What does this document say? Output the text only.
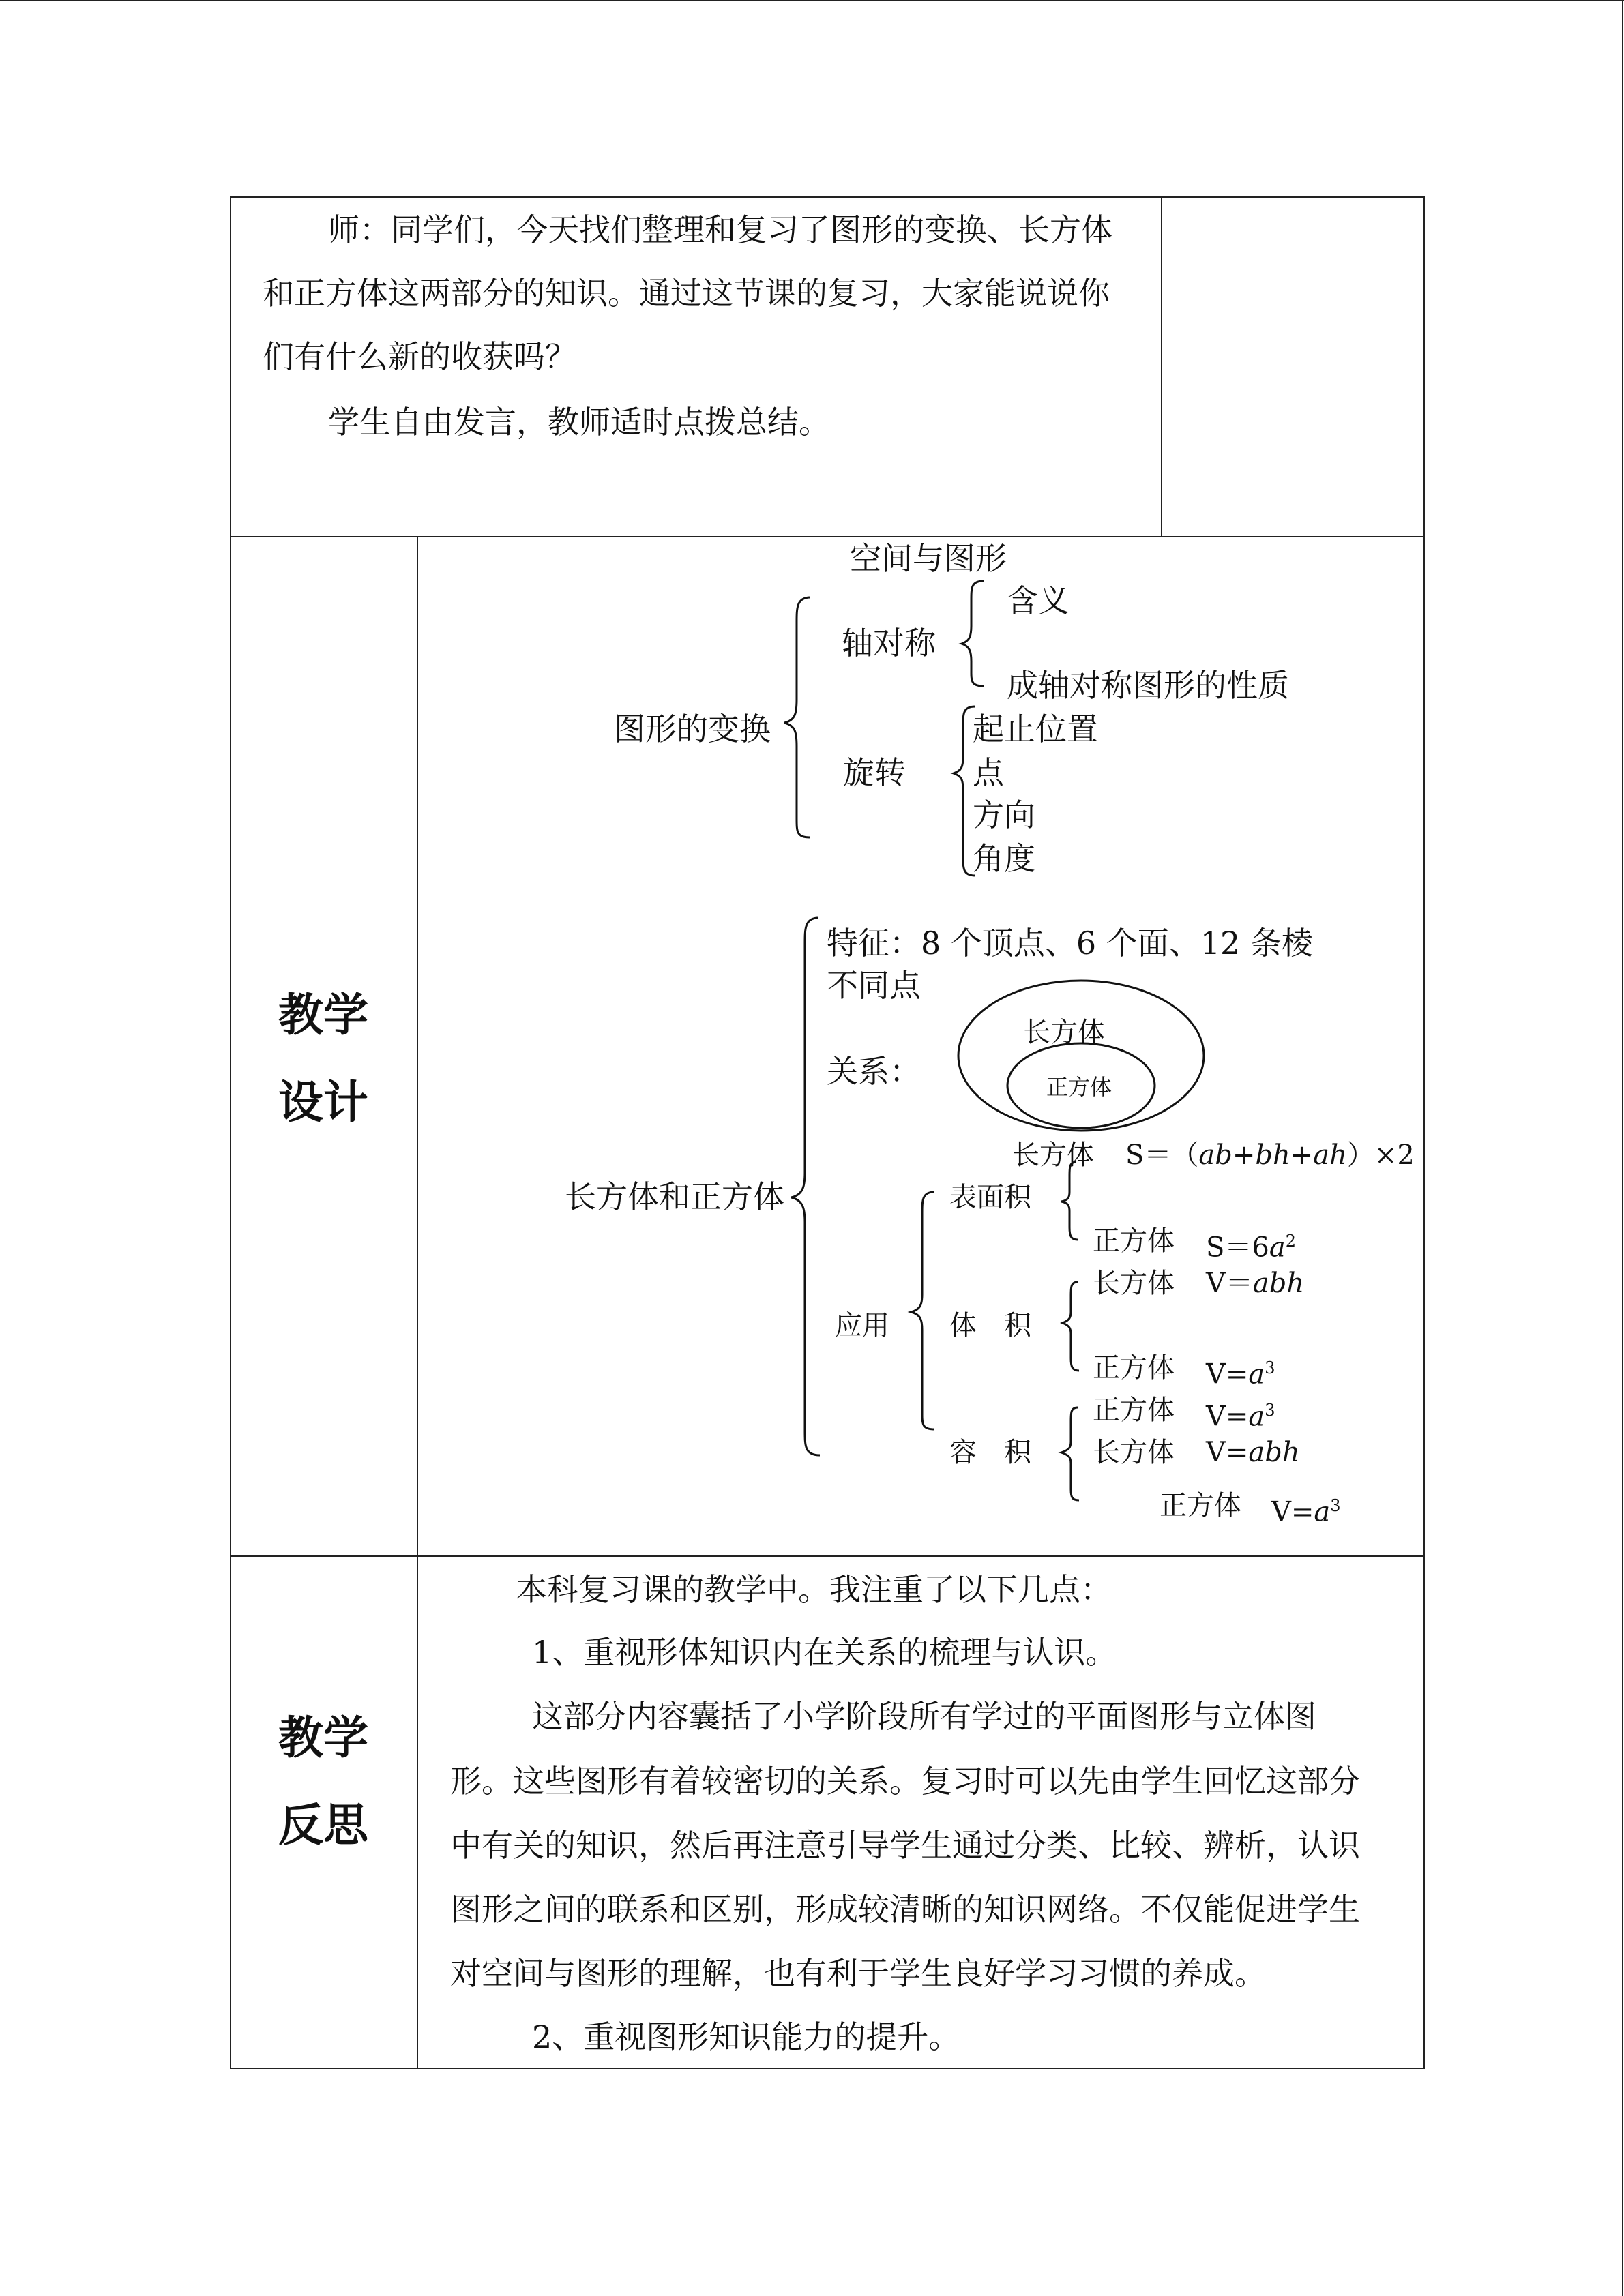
师：同学们，今天找们整理和复习了图形的变换、长方体
和正方体这两部分的知识。通过这节课的复习，大家能说说你
们有什么新的收获吗？
学生自由发言，教师适时点拨总结。
教学
设计
空间与图形
图形的变换
轴对称
含义
成轴对称图形的性质
旋转
起止位置
点
方向
角度
长方体和正方体
特征：8 个顶点、6 个面、12 条棱
不同点
关系：
长方体
正方体
应用
表面积
体　积
容　积
长方体 S＝（ab+bh+ah）×2
正方体 $S=6a^2$
长方体 V＝abh
正方体 $V=a^3$
正方体 $V=a^3$
长方体 V=abh
正方体 $V=a^3$
教学
反思
本科复习课的教学中。我注重了以下几点：
1、重视形体知识内在关系的梳理与认识。
这部分内容囊括了小学阶段所有学过的平面图形与立体图
形。这些图形有着较密切的关系。复习时可以先由学生回忆这部分
中有关的知识，然后再注意引导学生通过分类、比较、辨析，认识
图形之间的联系和区别，形成较清晰的知识网络。不仅能促进学生
对空间与图形的理解，也有利于学生良好学习习惯的养成。
2、重视图形知识能力的提升。
